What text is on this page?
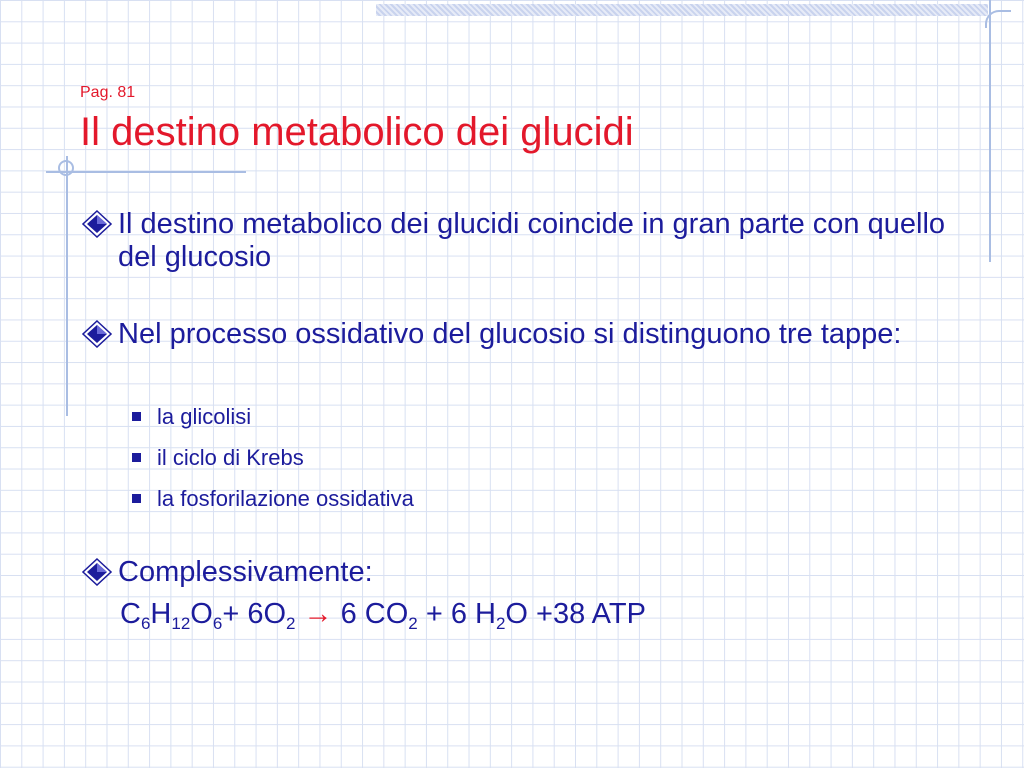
Pag. 81
Il destino metabolico dei glucidi
Il destino metabolico dei glucidi coincide in gran parte con quello del glucosio
Nel processo ossidativo del glucosio si distinguono tre tappe:
la glicolisi
il ciclo di Krebs
la fosforilazione ossidativa
Complessivamente:
$C_6H_{12}O_6+ 6O_2 \to 6$ $CO_2 + 6$ $H_2O +38$ ATP
